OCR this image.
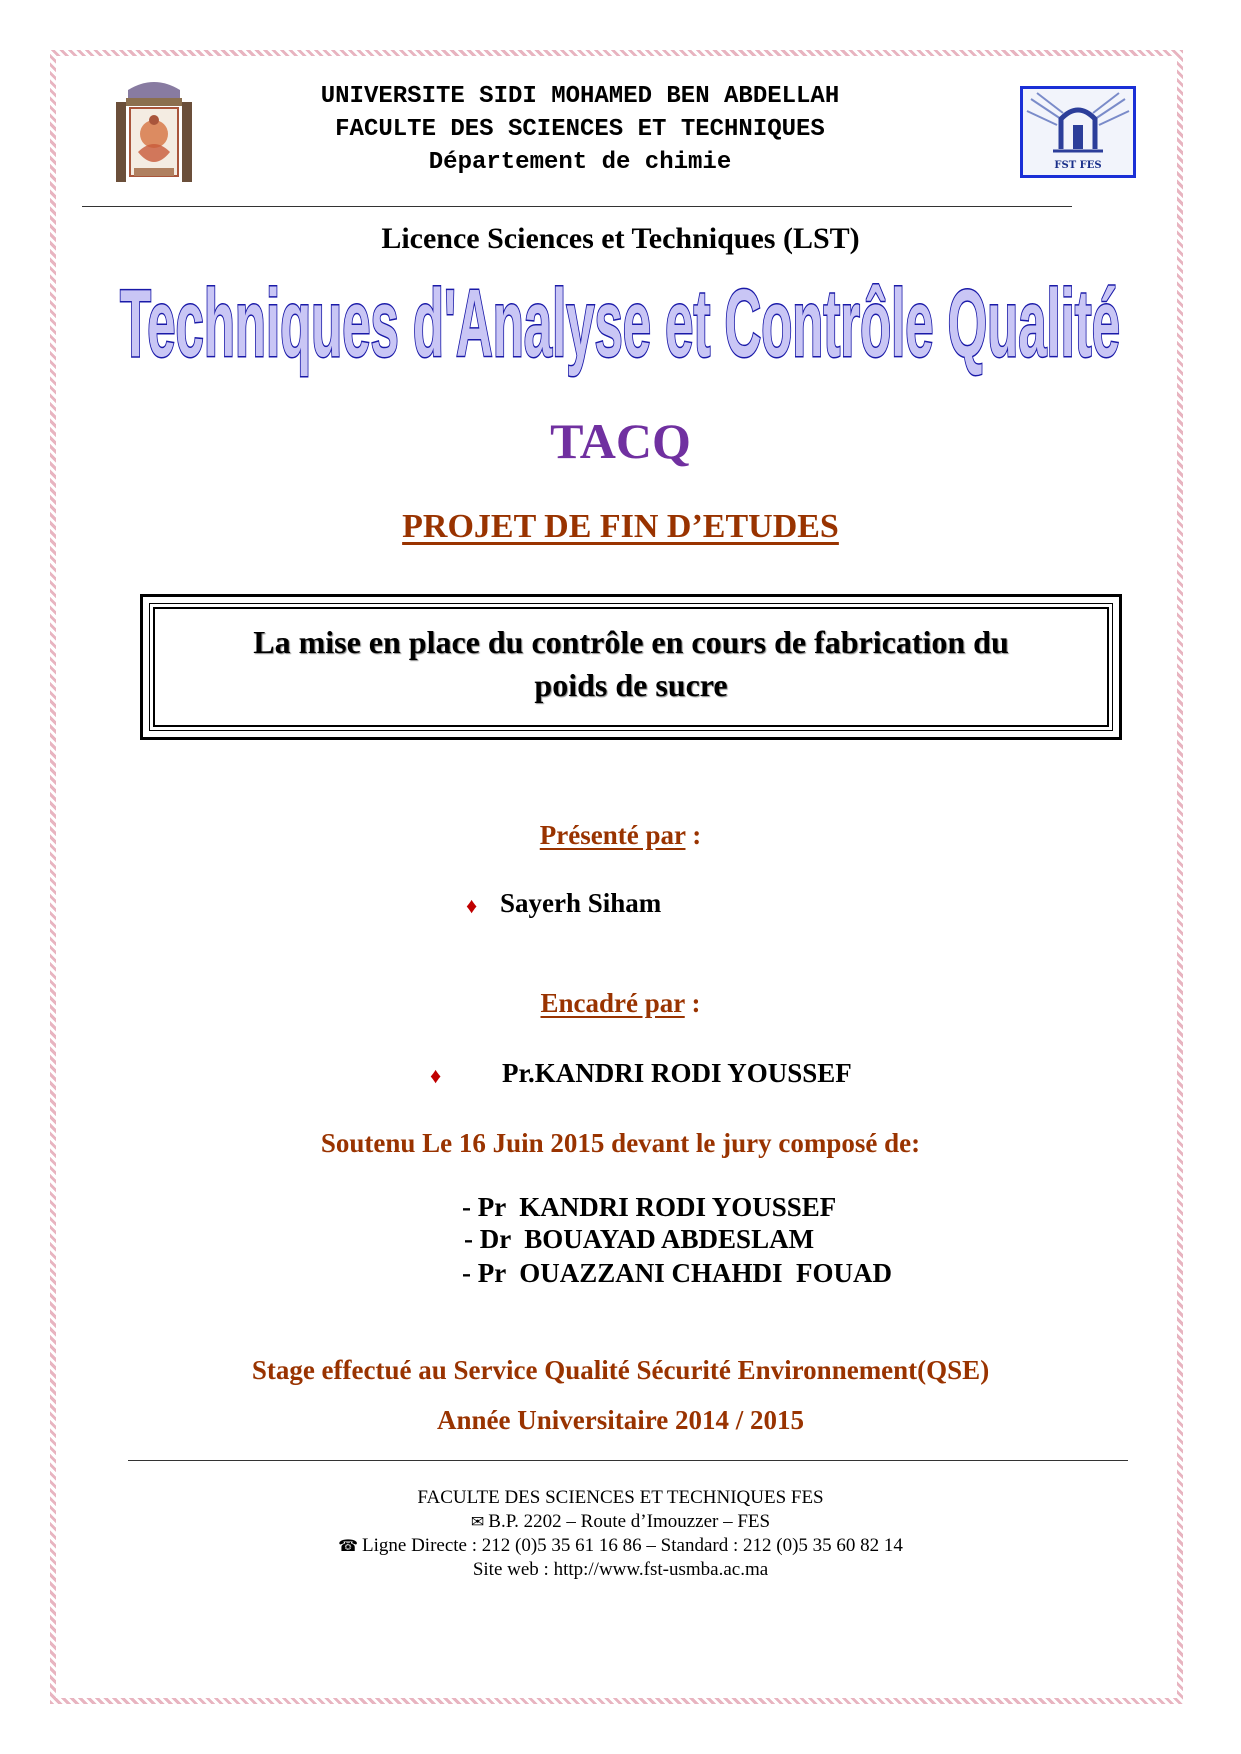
UNIVERSITE SIDI MOHAMED BEN ABDELLAH
FACULTE DES SCIENCES ET TECHNIQUES
Département de chimie	FST FES
Licence Sciences et Techniques (LST)
Techniques d'Analyse et Contrôle Qualité
TACQ
PROJET DE FIN D’ETUDES
La mise en place du contrôle en cours de fabrication du
poids de sucre
Présenté par :
♦ Sayerh Siham
Encadré par :
♦ Pr.KANDRI RODI YOUSSEF
Soutenu Le 16 Juin 2015 devant le jury composé de:
- Pr  KANDRI RODI YOUSSEF
- Dr  BOUAYAD ABDESLAM
- Pr  OUAZZANI CHAHDI  FOUAD
Stage effectué au Service Qualité Sécurité Environnement(QSE)
Année Universitaire 2014 / 2015
FACULTE DES SCIENCES ET TECHNIQUES FES
✉ B.P. 2202 – Route d’Imouzzer – FES
☎ Ligne Directe : 212 (0)5 35 61 16 86 – Standard : 212 (0)5 35 60 82 14
Site web : http://www.fst-usmba.ac.ma
